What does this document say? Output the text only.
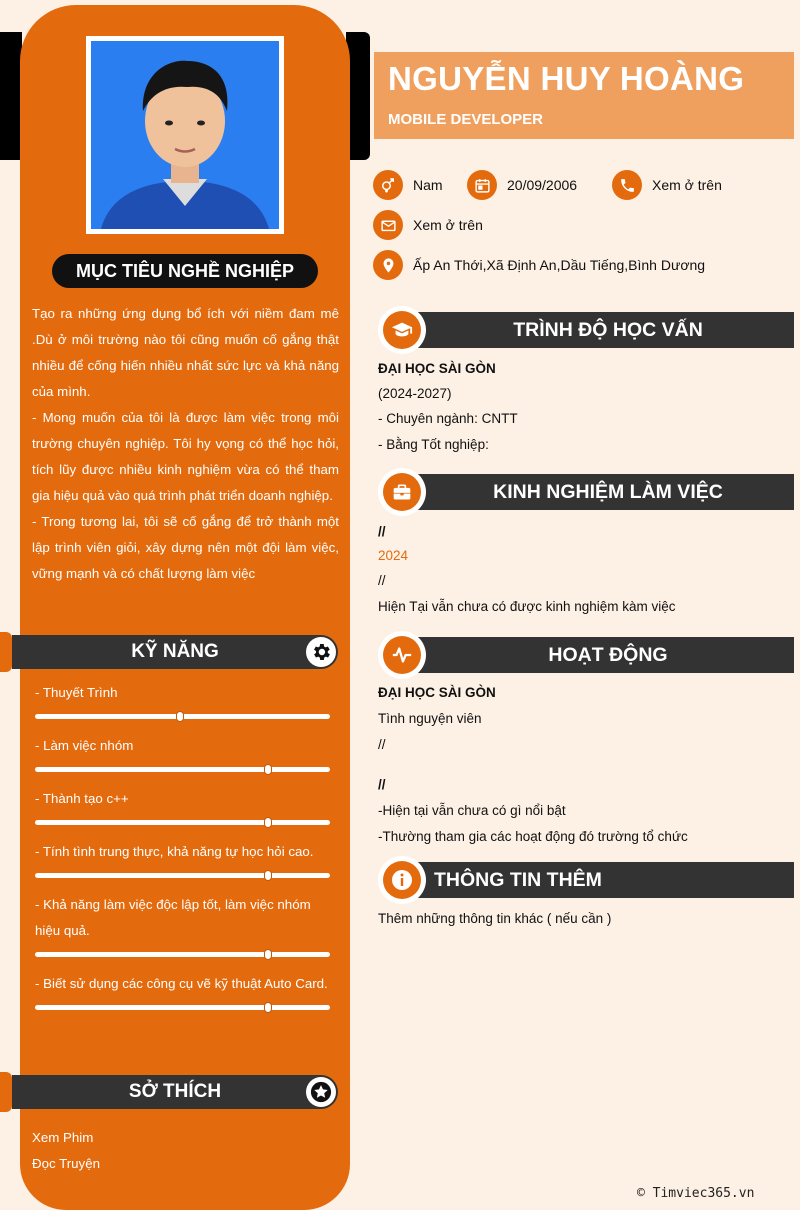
MỤC TIÊU NGHỀ NGHIỆP

Tạo ra những ứng dụng bổ ích với niềm đam mê .Dù ở môi trường nào tôi cũng muốn cố gắng thật nhiều để cống hiến nhiều nhất sức lực và khả năng của mình.

- Mong muốn của tôi là được làm việc trong môi trường chuyên nghiệp. Tôi hy vọng có thể học hỏi, tích lũy được nhiều kinh nghiệm vừa có thể tham gia hiệu quả vào quá trình phát triển doanh nghiệp.

- Trong tương lai, tôi sẽ cố gắng để trở thành một lập trình viên giỏi, xây dựng nên một đội làm việc, vững mạnh và có chất lượng làm việc

KỸ NĂNG
- Thuyết Trình
- Làm việc nhóm
- Thành tạo c++
- Tính tình trung thực, khả năng tự học hỏi cao.
- Khả năng làm việc độc lập tốt, làm việc nhóm hiệu quả.
- Biết sử dụng các công cụ vẽ kỹ thuật Auto Card.
SỞ THÍCH
Xem Phim
Đọc Truyện
NGUYỄN HUY HOÀNG
MOBILE DEVELOPER
Nam	20/09/2006	Xem ở trên
Xem ở trên
Ấp An Thới,Xã Định An,Dầu Tiếng,Bình Dương
TRÌNH ĐỘ HỌC VẤN
ĐẠI HỌC SÀI GÒN
(2024-2027)
- Chuyên ngành: CNTT
- Bằng Tốt nghiệp:
KINH NGHIỆM LÀM VIỆC
//
2024
//
Hiện Tại vẫn chưa có được kinh nghiệm kàm việc
HOẠT ĐỘNG
ĐẠI HỌC SÀI GÒN
Tình nguyện viên
//
//
-Hiện tại vẫn chưa có gì nổi bật
-Thường tham gia các hoạt động đó trường tổ chức
THÔNG TIN THÊM
Thêm những thông tin khác ( nếu cần )
© Timviec365.vn
